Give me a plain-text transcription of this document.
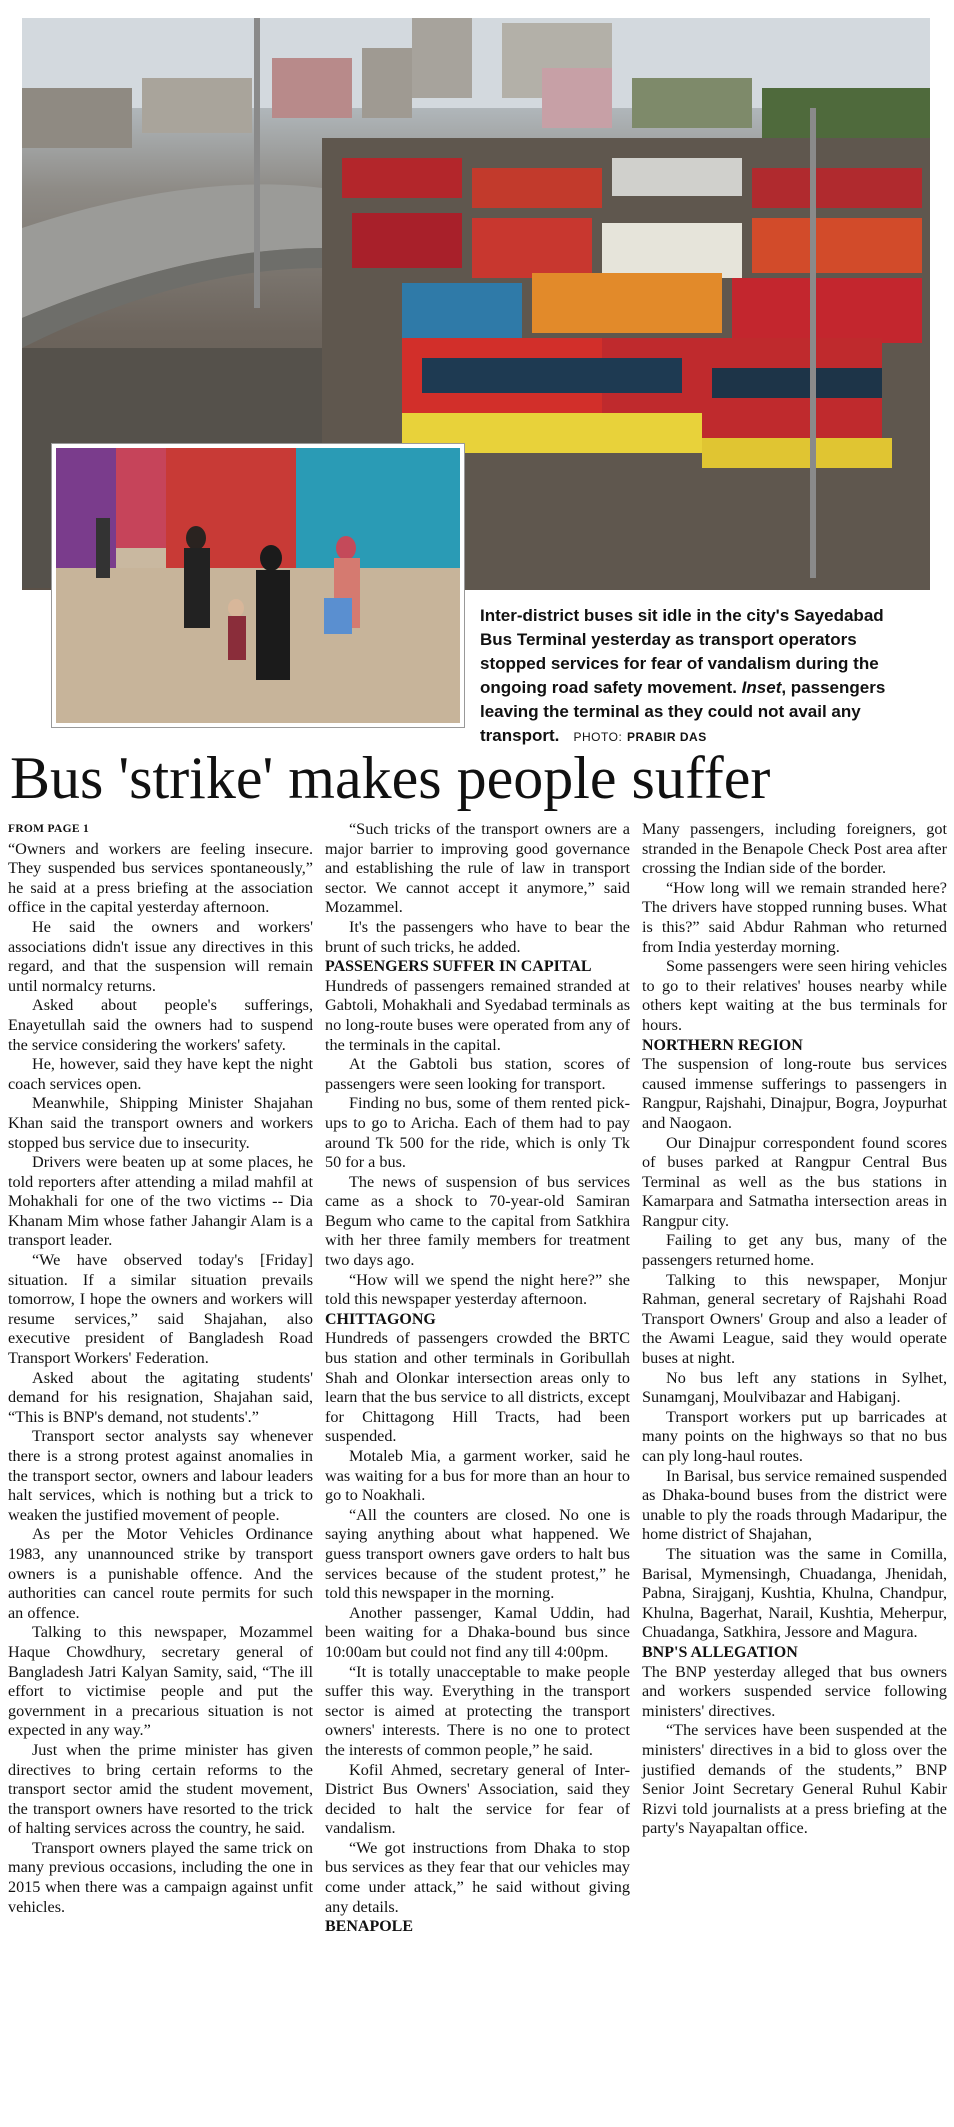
Inter-district buses sit idle in the city's Sayedabad Bus Terminal yesterday as transport operators stopped services for fear of vandalism during the ongoing road safety movement. Inset, passengers leaving the terminal as they could not avail any transport. PHOTO: PRABIR DAS
Bus 'strike' makes people suffer

FROM PAGE 1

“Owners and workers are feeling insecure. They suspended bus services spontaneously,” he said at a press briefing at the association office in the capital yesterday afternoon.

He said the owners and workers' associations didn't issue any directives in this regard, and that the suspension will remain until normalcy returns.

Asked about people's sufferings, Enayetullah said the owners had to suspend the service considering the workers' safety.

He, however, said they have kept the night coach services open.

Meanwhile, Shipping Minister Shajahan Khan said the transport owners and workers stopped bus service due to insecurity.

Drivers were beaten up at some places, he told reporters after attending a milad mahfil at Mohakhali for one of the two victims -- Dia Khanam Mim whose father Jahangir Alam is a transport leader.

“We have observed today's [Friday] situation. If a similar situation prevails tomorrow, I hope the owners and workers will resume services,” said Shajahan, also executive president of Bangladesh Road Transport Workers' Federation.

Asked about the agitating students' demand for his resignation, Shajahan said, “This is BNP's demand, not students'.”

Transport sector analysts say whenever there is a strong protest against anomalies in the transport sector, owners and labour leaders halt services, which is nothing but a trick to weaken the justified movement of people.

As per the Motor Vehicles Ordinance 1983, any unannounced strike by transport owners is a punishable offence. And the authorities can cancel route permits for such an offence.

Talking to this newspaper, Mozammel Haque Chowdhury, secretary general of Bangladesh Jatri Kalyan Samity, said, “The ill effort to victimise people and put the government in a precarious situation is not expected in any way.”

Just when the prime minister has given directives to bring certain reforms to the transport sector amid the student movement, the transport owners have resorted to the trick of halting services across the country, he said.

Transport owners played the same trick on many previous occasions, including the one in 2015 when there was a campaign against unfit vehicles.

“Such tricks of the transport owners are a major barrier to improving good governance and establishing the rule of law in transport sector. We cannot accept it anymore,” said Mozammel.

It's the passengers who have to bear the brunt of such tricks, he added.

PASSENGERS SUFFER IN CAPITAL

Hundreds of passengers remained stranded at Gabtoli, Mohakhali and Syedabad terminals as no long-route buses were operated from any of the terminals in the capital.

At the Gabtoli bus station, scores of passengers were seen looking for transport.

Finding no bus, some of them rented pick-ups to go to Aricha. Each of them had to pay around Tk 500 for the ride, which is only Tk 50 for a bus.

The news of suspension of bus services came as a shock to 70-year-old Samiran Begum who came to the capital from Satkhira with her three family members for treatment two days ago.

“How will we spend the night here?” she told this newspaper yesterday afternoon.

CHITTAGONG

Hundreds of passengers crowded the BRTC bus station and other terminals in Goribullah Shah and Olonkar intersection areas only to learn that the bus service to all districts, except for Chittagong Hill Tracts, had been suspended.

Motaleb Mia, a garment worker, said he was waiting for a bus for more than an hour to go to Noakhali.

“All the counters are closed. No one is saying anything about what happened. We guess transport owners gave orders to halt bus services because of the student protest,” he told this newspaper in the morning.

Another passenger, Kamal Uddin, had been waiting for a Dhaka-bound bus since 10:00am but could not find any till 4:00pm.

“It is totally unacceptable to make people suffer this way. Everything in the transport sector is aimed at protecting the transport owners' interests. There is no one to protect the interests of common people,” he said.

Kofil Ahmed, secretary general of Inter-District Bus Owners' Association, said they decided to halt the service for fear of vandalism.

“We got instructions from Dhaka to stop bus services as they fear that our vehicles may come under attack,” he said without giving any details.

BENAPOLE

Many passengers, including foreigners, got stranded in the Benapole Check Post area after crossing the Indian side of the border.

“How long will we remain stranded here? The drivers have stopped running buses. What is this?” said Abdur Rahman who returned from India yesterday morning.

Some passengers were seen hiring vehicles to go to their relatives' houses nearby while others kept waiting at the bus terminals for hours.

NORTHERN REGION

The suspension of long-route bus services caused immense sufferings to passengers in Rangpur, Rajshahi, Dinajpur, Bogra, Joypurhat and Naogaon.

Our Dinajpur correspondent found scores of buses parked at Rangpur Central Bus Terminal as well as the bus stations in Kamarpara and Satmatha intersection areas in Rangpur city.

Failing to get any bus, many of the passengers returned home.

Talking to this newspaper, Monjur Rahman, general secretary of Rajshahi Road Transport Owners' Group and also a leader of the Awami League, said they would operate buses at night.

No bus left any stations in Sylhet, Sunamganj, Moulvibazar and Habiganj.

Transport workers put up barricades at many points on the highways so that no bus can ply long-haul routes.

In Barisal, bus service remained suspended as Dhaka-bound buses from the district were unable to ply the roads through Madaripur, the home district of Shajahan,

The situation was the same in Comilla, Barisal, Mymensingh, Chuadanga, Jhenidah, Pabna, Sirajganj, Kushtia, Khulna, Chandpur, Khulna, Bagerhat, Narail, Kushtia, Meherpur, Chuadanga, Satkhira, Jessore and Magura.

BNP'S ALLEGATION

The BNP yesterday alleged that bus owners and workers suspended service following ministers' directives.

“The services have been suspended at the ministers' directives in a bid to gloss over the justified demands of the students,” BNP Senior Joint Secretary General Ruhul Kabir Rizvi told journalists at a press briefing at the party's Nayapaltan office.
